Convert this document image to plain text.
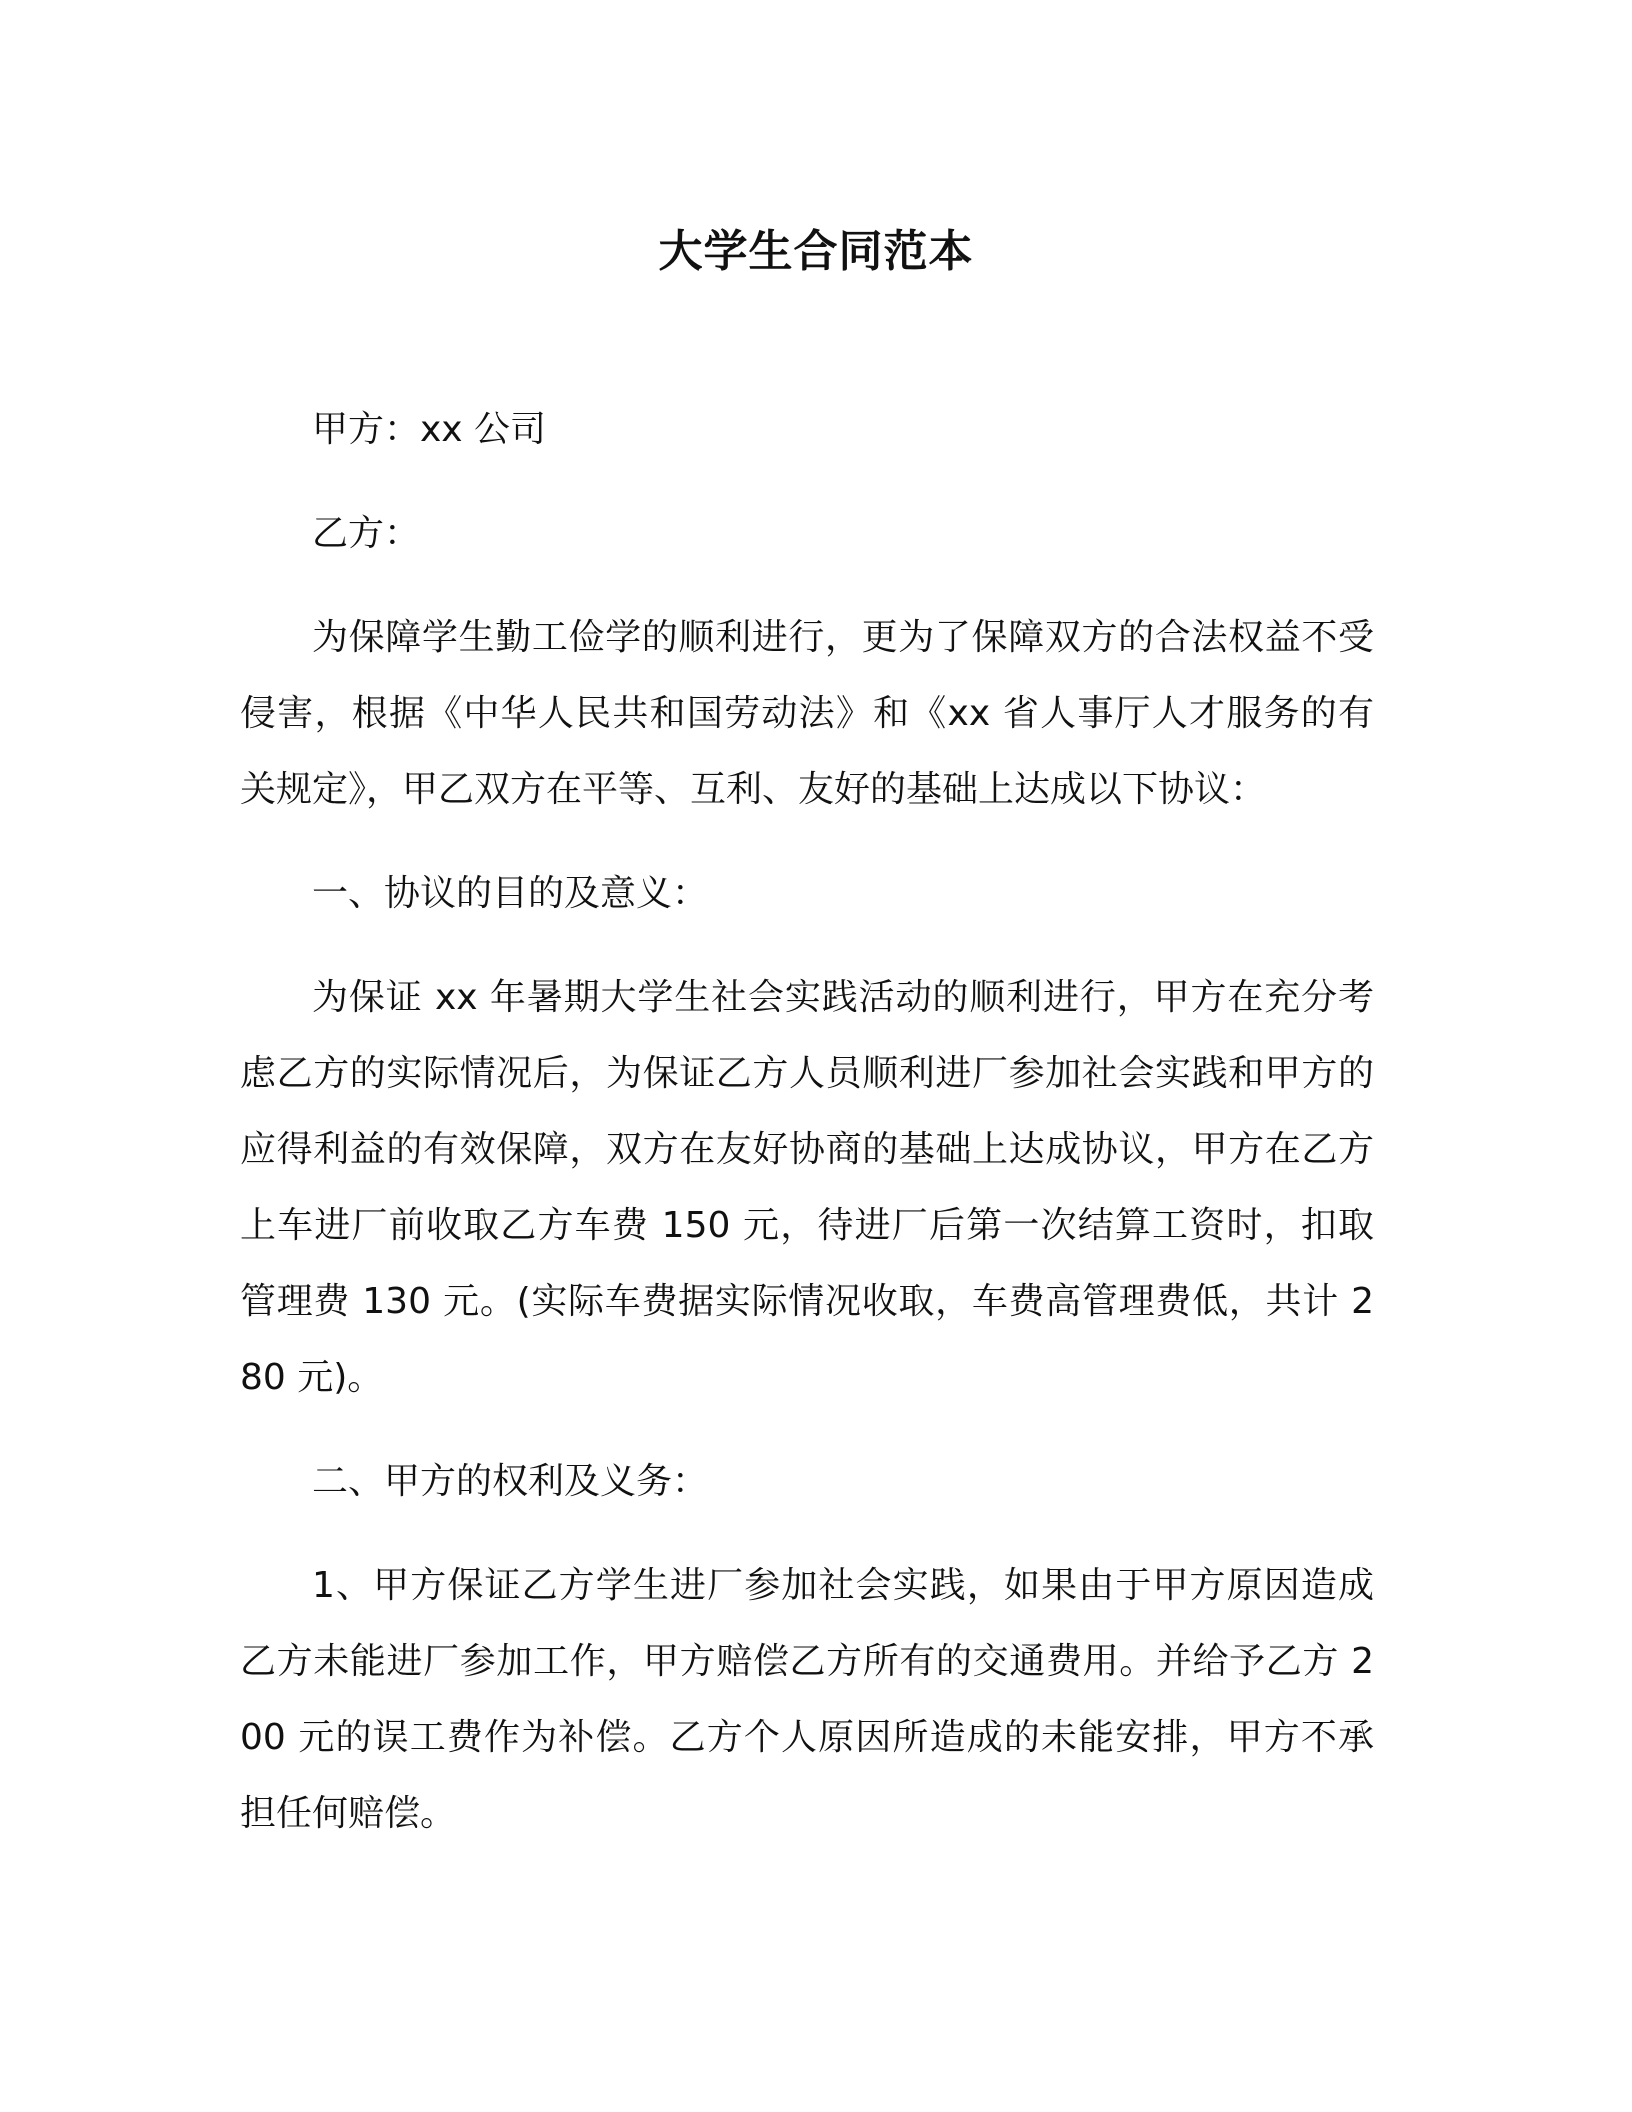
大学生合同范本

甲方：xx 公司

乙方：

为保障学生勤工俭学的顺利进行，更为了保障双方的合法权益不受侵害，根据《中华人民共和国劳动法》和《xx 省人事厅人才服务的有关规定》，甲乙双方在平等、互利、友好的基础上达成以下协议：

一、协议的目的及意义：

为保证 xx 年暑期大学生社会实践活动的顺利进行，甲方在充分考虑乙方的实际情况后，为保证乙方人员顺利进厂参加社会实践和甲方的应得利益的有效保障，双方在友好协商的基础上达成协议，甲方在乙方上车进厂前收取乙方车费 150 元，待进厂后第一次结算工资时，扣取管理费 130 元。(实际车费据实际情况收取，车费高管理费低，共计 280 元)。

二、甲方的权利及义务：

1、甲方保证乙方学生进厂参加社会实践，如果由于甲方原因造成乙方未能进厂参加工作，甲方赔偿乙方所有的交通费用。并给予乙方 200 元的误工费作为补偿。乙方个人原因所造成的未能安排，甲方不承担任何赔偿。
